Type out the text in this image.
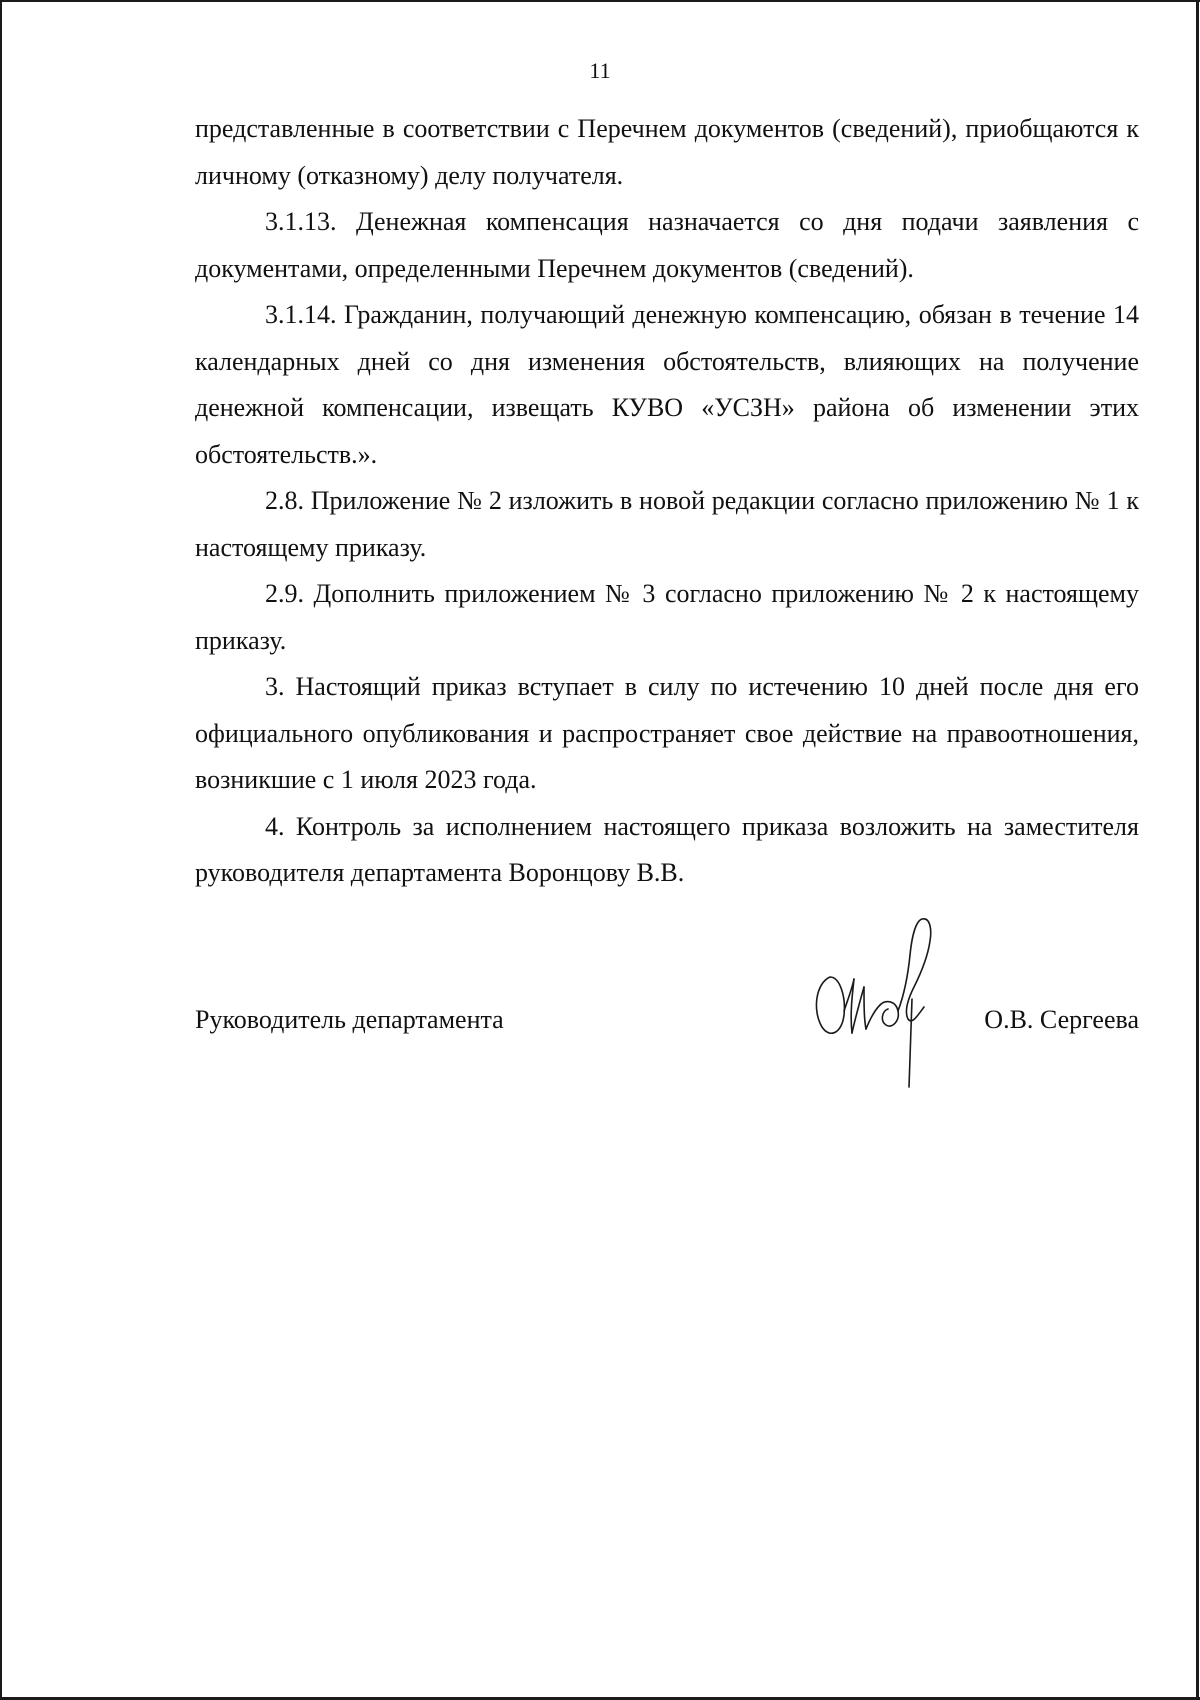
11

представленные в соответствии с Перечнем документов (сведений), приобщаются к личному (отказному) делу получателя.

3.1.13. Денежная компенсация назначается со дня подачи заявления с документами, определенными Перечнем документов (сведений).

3.1.14. Гражданин, получающий денежную компенсацию, обязан в течение 14 календарных дней со дня изменения обстоятельств, влияющих на получение денежной компенсации, извещать КУВО «УСЗН» района об изменении этих обстоятельств.».

2.8. Приложение № 2 изложить в новой редакции согласно приложению № 1 к настоящему приказу.

2.9. Дополнить приложением № 3 согласно приложению № 2 к настоящему приказу.

3. Настоящий приказ вступает в силу по истечению 10 дней после дня его официального опубликования и распространяет свое действие на правоотношения, возникшие с 1 июля 2023 года.

4. Контроль за исполнением настоящего приказа возложить на заместителя руководителя департамента Воронцову В.В.

Руководитель департамента	О.В. Сергеева
